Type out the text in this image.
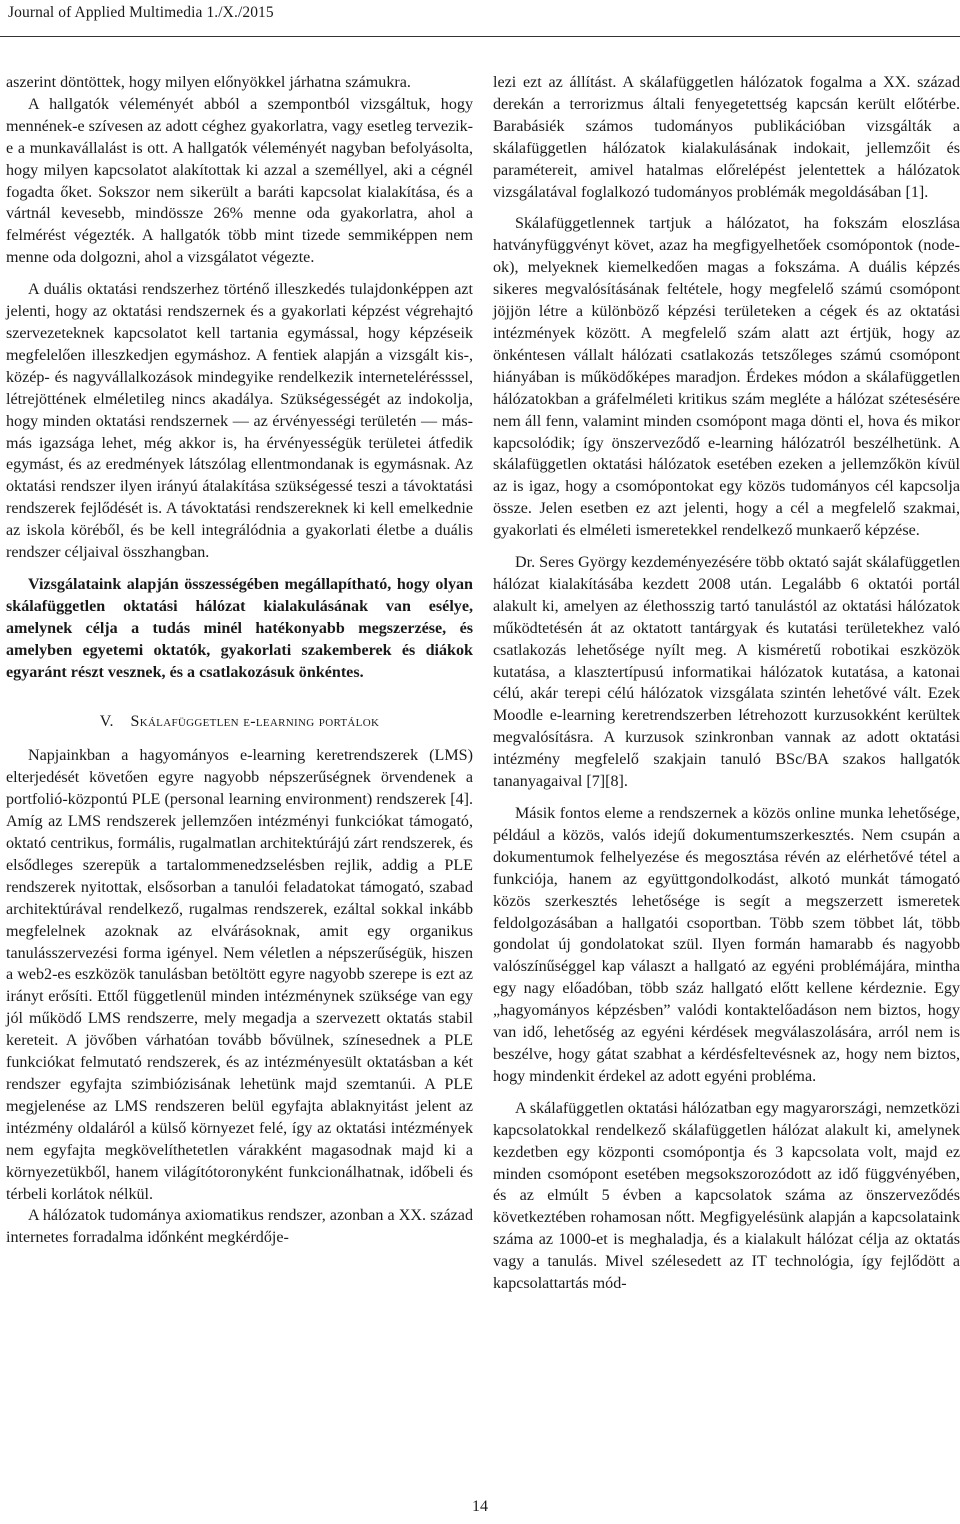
Journal of Applied Multimedia 1./X./2015

aszerint döntöttek, hogy milyen előnyökkel járhatna számukra.

A hallgatók véleményét abból a szempontból vizsgáltuk, hogy mennének-e szívesen az adott céghez gyakorlatra, vagy esetleg tervezik-e a munkavállalást is ott. A hallgatók véleményét nagyban befolyásolta, hogy milyen kapcsolatot alakítottak ki azzal a személlyel, aki a cégnél fogadta őket. Sokszor nem sikerült a baráti kapcsolat kialakítása, és a vártnál kevesebb, mindössze 26% menne oda gyakorlatra, ahol a felmérést végezték. A hallgatók több mint tizede semmiképpen nem menne oda dolgozni, ahol a vizsgálatot végezte.

A duális oktatási rendszerhez történő illeszkedés tulajdonképpen azt jelenti, hogy az oktatási rendszernek és a gyakorlati képzést végrehajtó szervezeteknek kapcsolatot kell tartania egymással, hogy képzéseik megfelelően illeszkedjen egymáshoz. A fentiek alapján a vizsgált kis-, közép- és nagyvállalkozások mindegyike rendelkezik internetelérésssel, létrejöttének elméletileg nincs akadálya. Szükségességét az indokolja, hogy minden oktatási rendszernek — az érvényességi területén — más-más igazsága lehet, még akkor is, ha érvényességük területei átfedik egymást, és az eredmények látszólag ellentmondanak is egymásnak. Az oktatási rendszer ilyen irányú átalakítása szükségessé teszi a távoktatási rendszerek fejlődését is. A távoktatási rendszereknek ki kell emelkednie az iskola köréből, és be kell integrálódnia a gyakorlati életbe a duális rendszer céljaival összhangban.

Vizsgálataink alapján összességében megállapítható, hogy olyan skálafüggetlen oktatási hálózat kialakulásának van esélye, amelynek célja a tudás minél hatékonyabb megszerzése, és amelyben egyetemi oktatók, gyakorlati szakemberek és diákok egyaránt részt vesznek, és a csatlakozásuk önkéntes.

V. Skálafüggetlen e-learning portálok

Napjainkban a hagyományos e-learning keretrendszerek (LMS) elterjedését követően egyre nagyobb népszerűségnek örvendenek a portfolió-központú PLE (personal learning environment) rendszerek [4]. Amíg az LMS rendszerek jellemzően intézményi funkciókat támogató, oktató centrikus, formális, rugalmatlan architektúrájú zárt rendszerek, és elsődleges szerepük a tartalommenedzselésben rejlik, addig a PLE rendszerek nyitottak, elsősorban a tanulói feladatokat támogató, szabad architektúrával rendelkező, rugalmas rendszerek, ezáltal sokkal inkább megfelelnek azoknak az elvárásoknak, amit egy organikus tanulásszervezési forma igényel. Nem véletlen a népszerűségük, hiszen a web2-es eszközök tanulásban betöltött egyre nagyobb szerepe is ezt az irányt erősíti. Ettől függetlenül minden intézménynek szüksége van egy jól működő LMS rendszerre, mely megadja a szervezett oktatás stabil kereteit. A jövőben várhatóan tovább bővülnek, színesednek a PLE funkciókat felmutató rendszerek, és az intézményesült oktatásban a két rendszer egyfajta szimbiózisának lehetünk majd szemtanúi. A PLE megjelenése az LMS rendszeren belül egyfajta ablaknyitást jelent az intézmény oldaláról a külső környezet felé, így az oktatási intézmények nem egyfajta megkövelíthetetlen várakként magasodnak majd ki a környezetükből, hanem világítótoronyként funkcionálhatnak, időbeli és térbeli korlátok nélkül.

A hálózatok tudománya axiomatikus rendszer, azonban a XX. század internetes forradalma időnként megkérdője-

lezi ezt az állítást. A skálafüggetlen hálózatok fogalma a XX. század derekán a terrorizmus általi fenyegetettség kapcsán került előtérbe. Barabásiék számos tudományos publikációban vizsgálták a skálafüggetlen hálózatok kialakulásának indokait, jellemzőit és paramétereit, amivel hatalmas előrelépést jelentettek a hálózatok vizsgálatával foglalkozó tudományos problémák megoldásában [1].

Skálafüggetlennek tartjuk a hálózatot, ha fokszám eloszlása hatványfüggvényt követ, azaz ha megfigyelhetőek csomópontok (node-ok), melyeknek kiemelkedően magas a fokszáma. A duális képzés sikeres megvalósításának feltétele, hogy megfelelő számú csomópont jöjjön létre a különböző képzési területeken a cégek és az oktatási intézmények között. A megfelelő szám alatt azt értjük, hogy az önkéntesen vállalt hálózati csatlakozás tetszőleges számú csomópont hiányában is működőképes maradjon. Érdekes módon a skálafüggetlen hálózatokban a gráfelméleti kritikus szám megléte a hálózat szétesésére nem áll fenn, valamint minden csomópont maga dönti el, hova és mikor kapcsolódik; így önszerveződő e-learning hálózatról beszélhetünk. A skálafüggetlen oktatási hálózatok esetében ezeken a jellemzőkön kívül az is igaz, hogy a csomópontokat egy közös tudományos cél kapcsolja össze. Jelen esetben ez azt jelenti, hogy a cél a megfelelő szakmai, gyakorlati és elméleti ismeretekkel rendelkező munkaerő képzése.

Dr. Seres György kezdeményezésére több oktató saját skálafüggetlen hálózat kialakításába kezdett 2008 után. Legalább 6 oktatói portál alakult ki, amelyen az élethosszig tartó tanulástól az oktatási hálózatok működtetésén át az oktatott tantárgyak és kutatási területekhez való csatlakozás lehetősége nyílt meg. A kisméretű robotikai eszközök kutatása, a klasztertípusú informatikai hálózatok kutatása, a katonai célú, akár terepi célú hálózatok vizsgálata szintén lehetővé vált. Ezek Moodle e-learning keretrendszerben létrehozott kurzusokként kerültek megvalósításra. A kurzusok szinkronban vannak az adott oktatási intézmény megfelelő szakjain tanuló BSc/BA szakos hallgatók tananyagaival [7][8].

Másik fontos eleme a rendszernek a közös online munka lehetősége, például a közös, valós idejű dokumentumszerkesztés. Nem csupán a dokumentumok felhelyezése és megosztása révén az elérhetővé tétel a funkciója, hanem az együttgondolkodást, alkotó munkát támogató közös szerkesztés lehetősége is segít a megszerzett ismeretek feldolgozásában a hallgatói csoportban. Több szem többet lát, több gondolat új gondolatokat szül. Ilyen formán hamarabb és nagyobb valószínűséggel kap választ a hallgató az egyéni problémájára, mintha egy nagy előadóban, több száz hallgató előtt kellene kérdeznie. Egy „hagyományos képzésben” valódi kontaktelőadáson nem biztos, hogy van idő, lehetőség az egyéni kérdések megválaszolására, arról nem is beszélve, hogy gátat szabhat a kérdésfeltevésnek az, hogy nem biztos, hogy mindenkit érdekel az adott egyéni probléma.

A skálafüggetlen oktatási hálózatban egy magyarországi, nemzetközi kapcsolatokkal rendelkező skálafüggetlen hálózat alakult ki, amelynek kezdetben egy központi csomópontja és 3 kapcsolata volt, majd ez minden csomópont esetében megsokszorozódott az idő függvényében, és az elmúlt 5 évben a kapcsolatok száma az önszerveződés következtében rohamosan nőtt. Megfigyelésünk alapján a kapcsolataink száma az 1000-et is meghaladja, és a kialakult hálózat célja az oktatás vagy a tanulás. Mivel szélesedett az IT technológia, így fejlődött a kapcsolattartás mód-

14
